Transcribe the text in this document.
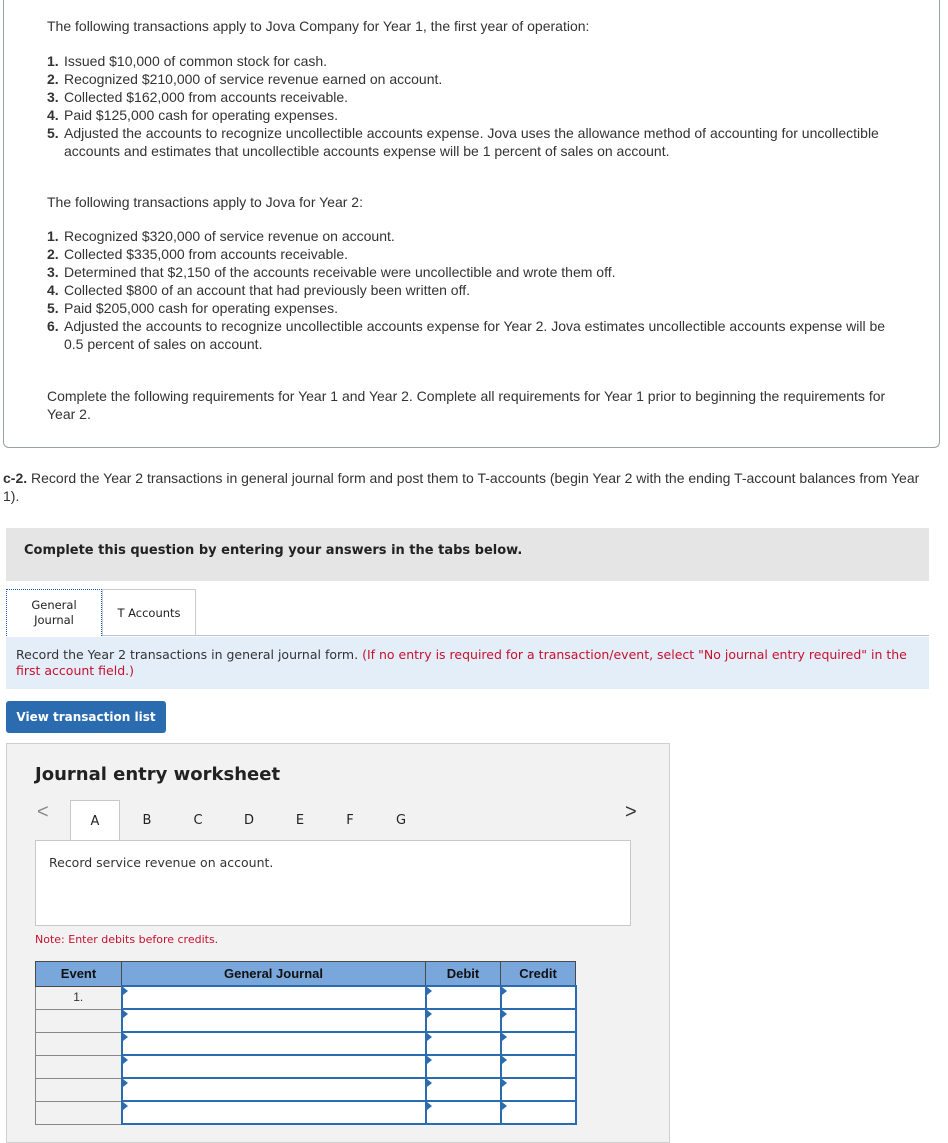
The following transactions apply to Jova Company for Year 1, the first year of operation:
1. Issued $10,000 of common stock for cash.
2. Recognized $210,000 of service revenue earned on account.
3. Collected $162,000 from accounts receivable.
4. Paid $125,000 cash for operating expenses.
5. Adjusted the accounts to recognize uncollectible accounts expense. Jova uses the allowance method of accounting for uncollectible accounts and estimates that uncollectible accounts expense will be 1 percent of sales on account.
The following transactions apply to Jova for Year 2:
1. Recognized $320,000 of service revenue on account.
2. Collected $335,000 from accounts receivable.
3. Determined that $2,150 of the accounts receivable were uncollectible and wrote them off.
4. Collected $800 of an account that had previously been written off.
5. Paid $205,000 cash for operating expenses.
6. Adjusted the accounts to recognize uncollectible accounts expense for Year 2. Jova estimates uncollectible accounts expense will be 0.5 percent of sales on account.
Complete the following requirements for Year 1 and Year 2. Complete all requirements for Year 1 prior to beginning the requirements for Year 2.
c-2. Record the Year 2 transactions in general journal form and post them to T-accounts (begin Year 2 with the ending T-account balances from Year 1).
Complete this question by entering your answers in the tabs below.
General Journal	T Accounts
Record the Year 2 transactions in general journal form. (If no entry is required for a transaction/event, select "No journal entry required" in the first account field.)
View transaction list
Journal entry worksheet
<	A	B	C	D	E	F	G	>
Record service revenue on account.
Note: Enter debits before credits.
Event	General Journal	Debit	Credit
1.			
